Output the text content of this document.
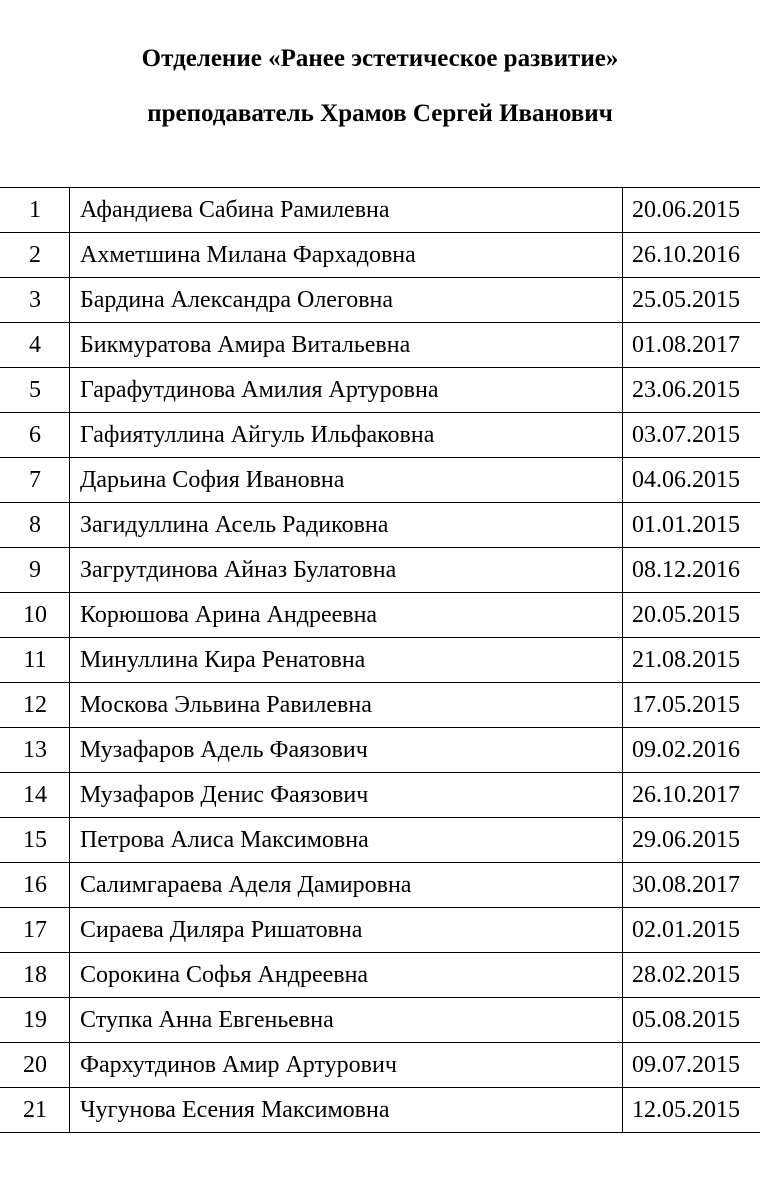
Отделение «Ранее эстетическое развитие»
преподаватель Храмов Сергей Иванович
1	Афандиева Сабина Рамилевна	20.06.2015
2	Ахметшина Милана Фархадовна	26.10.2016
3	Бардина Александра Олеговна	25.05.2015
4	Бикмуратова Амира Витальевна	01.08.2017
5	Гарафутдинова Амилия Артуровна	23.06.2015
6	Гафиятуллина Айгуль Ильфаковна	03.07.2015
7	Дарьина София Ивановна	04.06.2015
8	Загидуллина Асель Радиковна	01.01.2015
9	Загрутдинова Айназ Булатовна	08.12.2016
10	Корюшова Арина Андреевна	20.05.2015
11	Минуллина Кира Ренатовна	21.08.2015
12	Москова Эльвина Равилевна	17.05.2015
13	Музафаров Адель Фаязович	09.02.2016
14	Музафаров Денис Фаязович	26.10.2017
15	Петрова Алиса Максимовна	29.06.2015
16	Салимгараева Аделя Дамировна	30.08.2017
17	Сираева Диляра Ришатовна	02.01.2015
18	Сорокина Софья Андреевна	28.02.2015
19	Ступка Анна Евгеньевна	05.08.2015
20	Фархутдинов Амир Артурович	09.07.2015
21	Чугунова Есения Максимовна	12.05.2015
